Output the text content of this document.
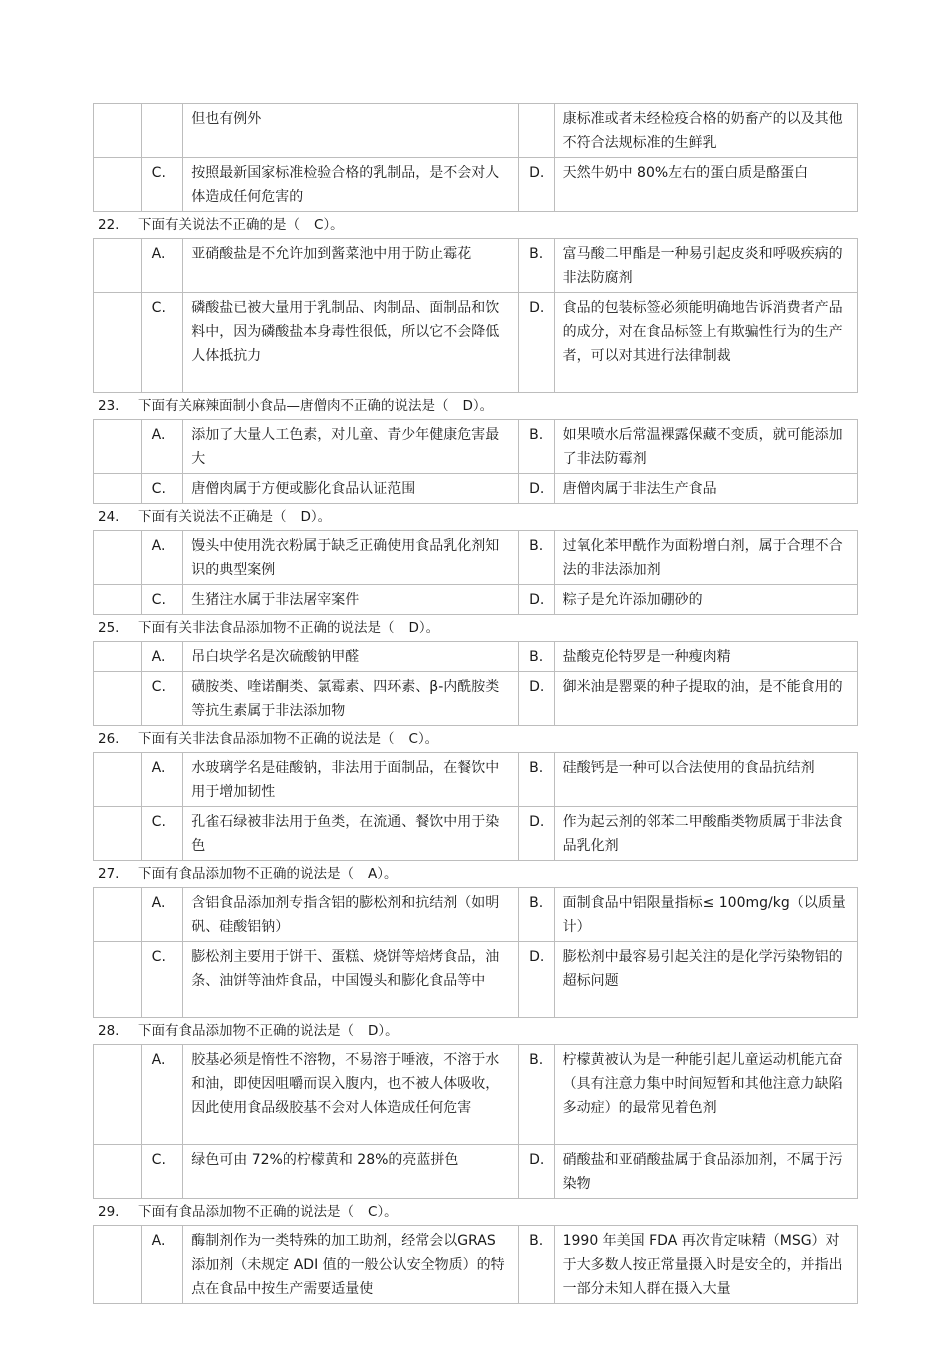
		但也有例外		康标准或者未经检疫合格的奶畜产的以及其他不符合法规标准的生鲜乳
	C.	按照最新国家标准检验合格的乳制品，是不会对人体造成任何危害的	D.	天然牛奶中 80%左右的蛋白质是酪蛋白
22. 下面有关说法不正确的是（ C）。
	A.	亚硝酸盐是不允许加到酱菜池中用于防止霉花	B.	富马酸二甲酯是一种易引起皮炎和呼吸疾病的非法防腐剂
	C.	磷酸盐已被大量用于乳制品、肉制品、面制品和饮料中，因为磷酸盐本身毒性很低，所以它不会降低人体抵抗力	D.	食品的包装标签必须能明确地告诉消费者产品的成分，对在食品标签上有欺骗性行为的生产者，可以对其进行法律制裁
23. 下面有关麻辣面制小食品—唐僧肉不正确的说法是（ D）。
	A.	添加了大量人工色素，对儿童、青少年健康危害最大	B.	如果喷水后常温裸露保藏不变质，就可能添加了非法防霉剂
	C.	唐僧肉属于方便或膨化食品认证范围	D.	唐僧肉属于非法生产食品
24. 下面有关说法不正确是（ D）。
	A.	馒头中使用洗衣粉属于缺乏正确使用食品乳化剂知识的典型案例	B.	过氧化苯甲酰作为面粉增白剂，属于合理不合法的非法添加剂
	C.	生猪注水属于非法屠宰案件	D.	粽子是允许添加硼砂的
25. 下面有关非法食品添加物不正确的说法是（ D）。
	A.	吊白块学名是次硫酸钠甲醛	B.	盐酸克伦特罗是一种瘦肉精
	C.	磺胺类、喹诺酮类、氯霉素、四环素、β-内酰胺类等抗生素属于非法添加物	D.	御米油是罂粟的种子提取的油，是不能食用的
26. 下面有关非法食品添加物不正确的说法是（ C）。
	A.	水玻璃学名是硅酸钠，非法用于面制品，在餐饮中用于增加韧性	B.	硅酸钙是一种可以合法使用的食品抗结剂
	C.	孔雀石绿被非法用于鱼类，在流通、餐饮中用于染色	D.	作为起云剂的邻苯二甲酸酯类物质属于非法食品乳化剂
27. 下面有食品添加物不正确的说法是（ A）。
	A.	含铝食品添加剂专指含铝的膨松剂和抗结剂（如明矾、硅酸铝钠）	B.	面制食品中铝限量指标≤ 100mg/kg（以质量计）
	C.	膨松剂主要用于饼干、蛋糕、烧饼等焙烤食品，油条、油饼等油炸食品，中国馒头和膨化食品等中	D.	膨松剂中最容易引起关注的是化学污染物铝的超标问题
28. 下面有食品添加物不正确的说法是（ D）。
	A.	胶基必须是惰性不溶物，不易溶于唾液，不溶于水和油，即使因咀嚼而误入腹内，也不被人体吸收，因此使用食品级胶基不会对人体造成任何危害	B.	柠檬黄被认为是一种能引起儿童运动机能亢奋（具有注意力集中时间短暂和其他注意力缺陷多动症）的最常见着色剂
	C.	绿色可由 72%的柠檬黄和 28%的亮蓝拼色	D.	硝酸盐和亚硝酸盐属于食品添加剂，不属于污染物
29. 下面有食品添加物不正确的说法是（ C）。
	A.	酶制剂作为一类特殊的加工助剂，经常会以GRAS 添加剂（未规定 ADI 值的一般公认安全物质）的特点在食品中按生产需要适量使	B.	1990 年美国 FDA 再次肯定味精（MSG）对于大多数人按正常量摄入时是安全的，并指出一部分未知人群在摄入大量
